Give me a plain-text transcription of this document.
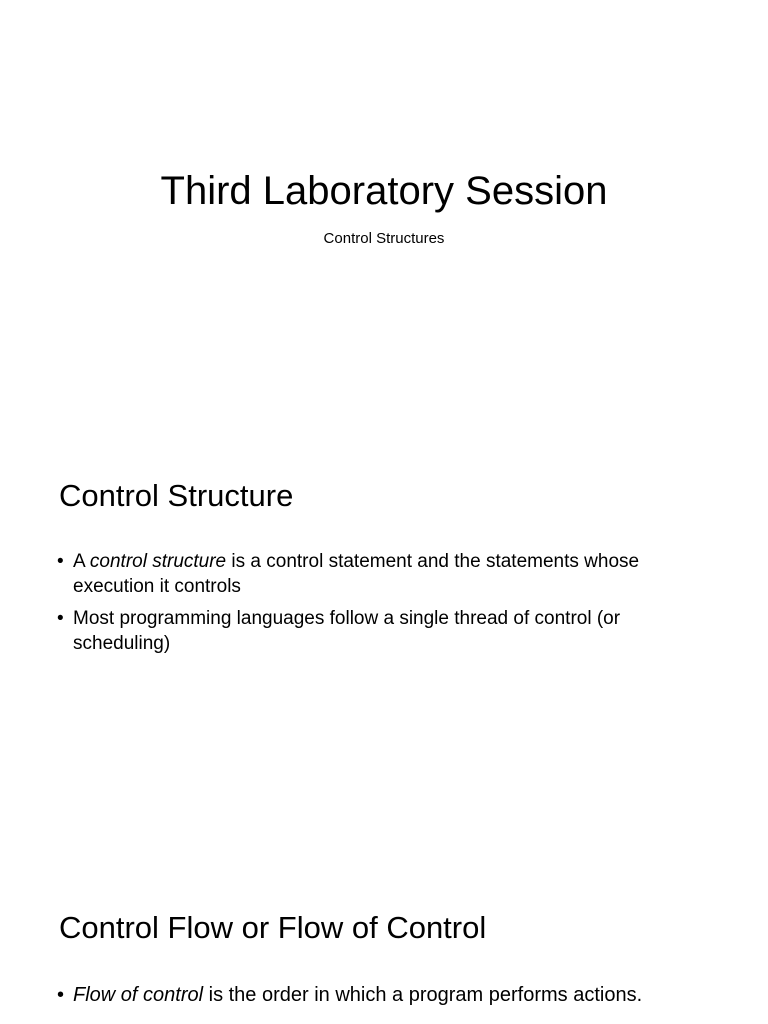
Third Laboratory Session

Control Structures

Control Structure
• A control structure is a control statement and the statements whose execution it controls
• Most programming languages follow a single thread of control (or scheduling)
Control Flow or Flow of Control
• Flow of control is the order in which a program performs actions.
